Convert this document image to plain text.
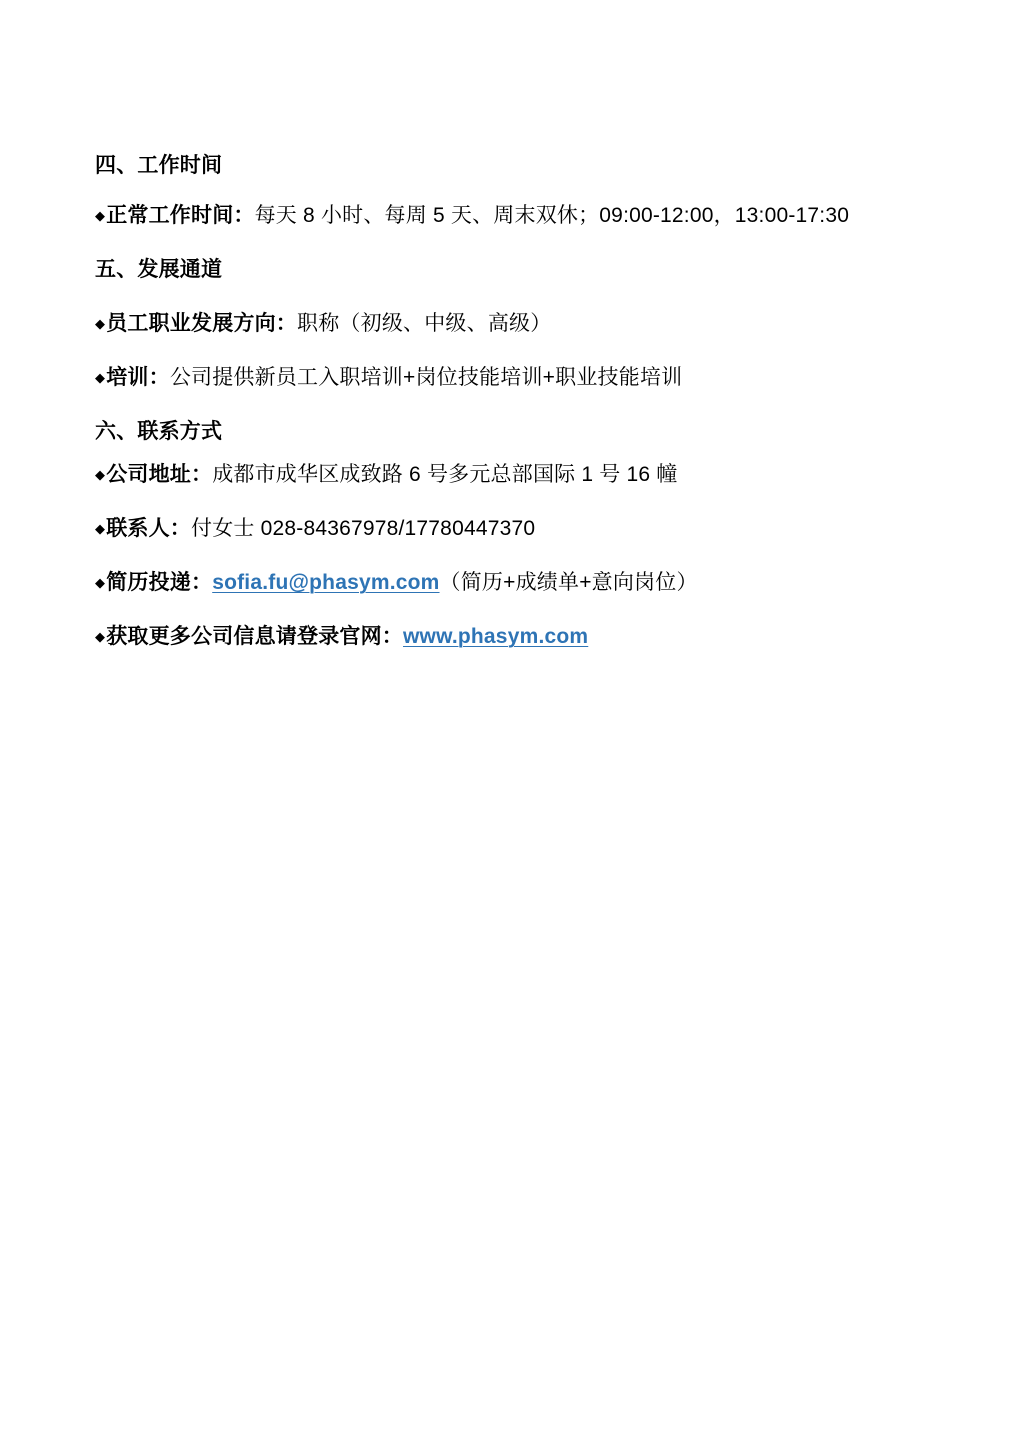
四、工作时间
◆正常工作时间：每天 8 小时、每周 5 天、周末双休；09:00-12:00，13:00-17:30
五、发展通道
◆员工职业发展方向：职称（初级、中级、高级）
◆培训：公司提供新员工入职培训+岗位技能培训+职业技能培训
六、联系方式
◆公司地址：成都市成华区成致路 6 号多元总部国际 1 号 16 幢
◆联系人：付女士 028-84367978/17780447370
◆简历投递：sofia.fu@phasym.com（简历+成绩单+意向岗位）
◆获取更多公司信息请登录官网：www.phasym.com
